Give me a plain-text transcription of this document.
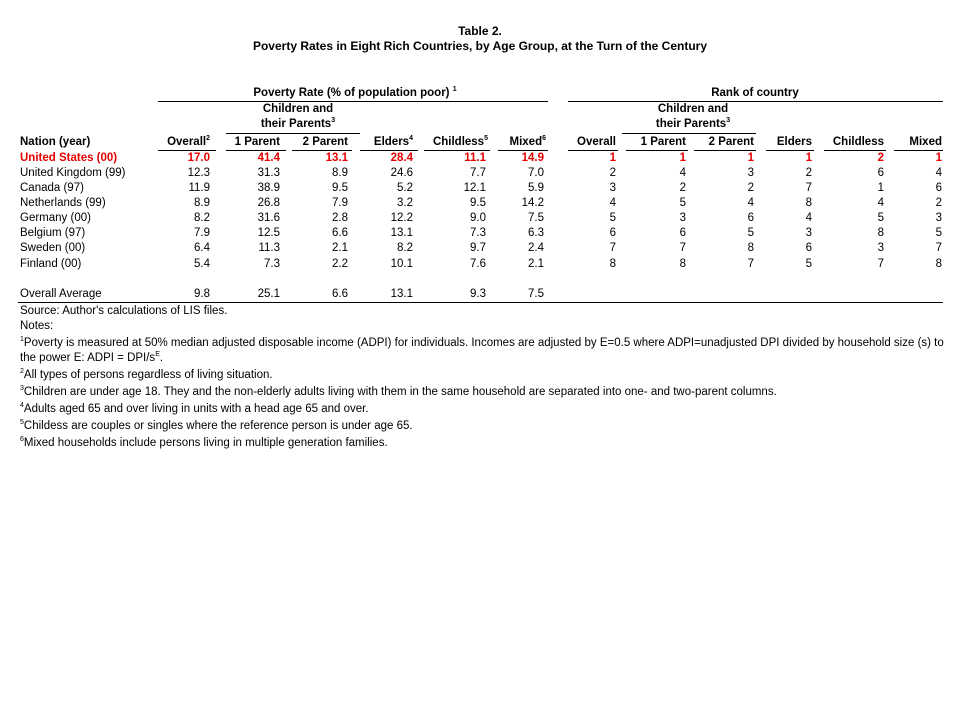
Table 2.
Poverty Rates in Eight Rich Countries, by Age Group, at the Turn of the Century
Poverty Rate (% of population poor) $^1$	Rank of country
Children and
their Parents$^3$
Children and
their Parents$^3$
Nation (year)	Overall$^2$	1 Parent	2 Parent	Elders$^4$	Childless$^5$	Mixed$^6$	Overall	1 Parent	2 Parent	Elders	Childless	Mixed
United States (00)	17.0	41.4	13.1	28.4	11.1	14.9	1	1	1	1	2	1
United Kingdom (99)	12.3	31.3	8.9	24.6	7.7	7.0	2	4	3	2	6	4
Canada (97)	11.9	38.9	9.5	5.2	12.1	5.9	3	2	2	7	1	6
Netherlands (99)	8.9	26.8	7.9	3.2	9.5	14.2	4	5	4	8	4	2
Germany (00)	8.2	31.6	2.8	12.2	9.0	7.5	5	3	6	4	5	3
Belgium (97)	7.9	12.5	6.6	13.1	7.3	6.3	6	6	5	3	8	5
Sweden (00)	6.4	11.3	2.1	8.2	9.7	2.4	7	7	8	6	3	7
Finland (00)	5.4	7.3	2.2	10.1	7.6	2.1	8	8	7	5	7	8
Overall Average	9.8	25.1	6.6	13.1	9.3	7.5

Source: Author's calculations of LIS files.

Notes:

$^1$Poverty is measured at 50% median adjusted disposable income (ADPI) for individuals. Incomes are adjusted by E=0.5 where ADPI=unadjusted DPI divided by household size (s) to the power E: ADPI = DPI/$s^E$.

$^2$All types of persons regardless of living situation.

$^3$Children are under age 18. They and the non-elderly adults living with them in the same household are separated into one- and two-parent columns.

$^4$Adults aged 65 and over living in units with a head age 65 and over.

$^5$Childess are couples or singles where the reference person is under age 65.

$^6$Mixed households include persons living in multiple generation families.
